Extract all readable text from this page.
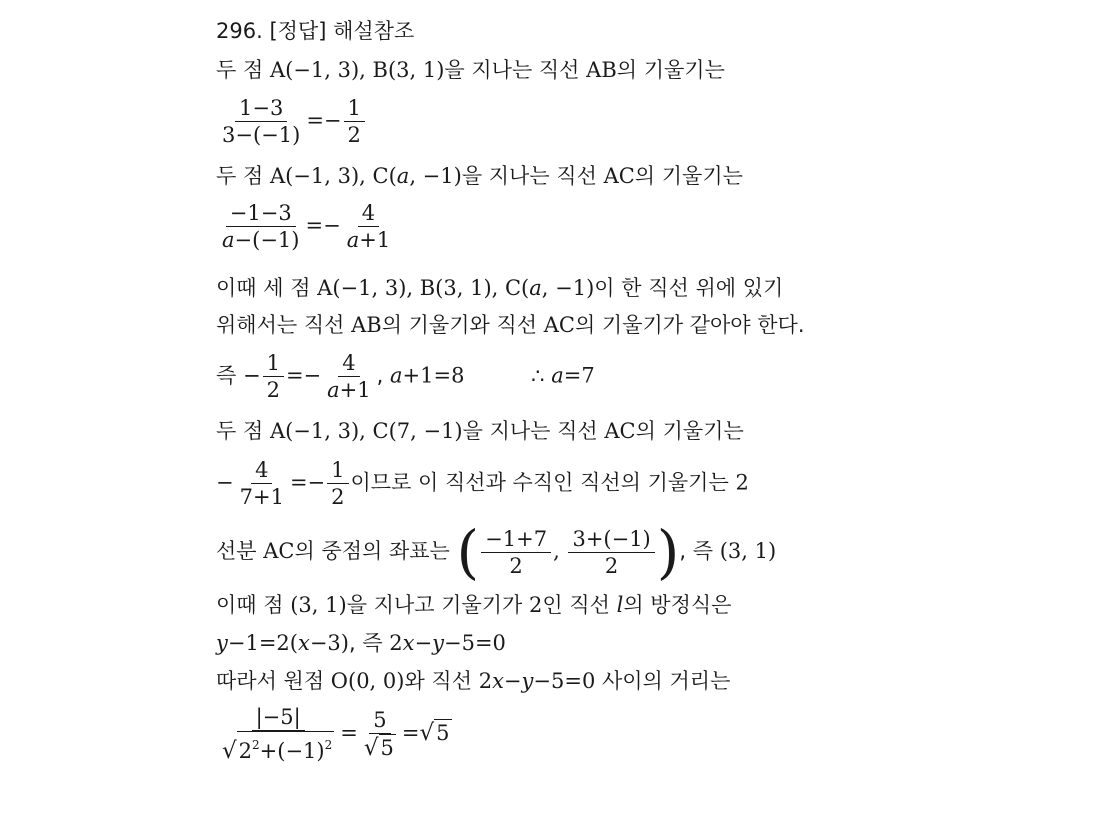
296. [정답] 해설참조
두 점 A(−1, 3), B(3, 1)을 지나는 직선 AB의 기울기는
$\frac{1-3}{3-(-1)} =- \frac{1}{2}$
두 점 A(−1, 3), C(a, −1)을 지나는 직선 AC의 기울기는
$\frac{-1-3}{a-(-1)} =- \frac{4}{a+1}$
이때 세 점 A(−1, 3), B(3, 1), C(a, −1)이 한 직선 위에 있기
위해서는 직선 AB의 기울기와 직선 AC의 기울기가 같아야 한다.
즉 − $\frac{1}{2} =- \frac{4}{a+1}$ , a+1=8	∴ a=7
두 점 A(−1, 3), C(7, −1)을 지나는 직선 AC의 기울기는
− $\frac{4}{7+1} =- \frac{1}{2}$ 이므로 이 직선과 수직인 직선의 기울기는 2
선분 AC의 중점의 좌표는 ( $\frac{-1+7}{2}$ , $\frac{3+(-1)}{2}$ ), 즉 (3, 1)
이때 점 (3, 1)을 지나고 기울기가 2인 직선 l의 방정식은
y−1=2(x−3), 즉 2x−y−5=0
따라서 원점 O(0, 0)와 직선 2x−y−5=0 사이의 거리는
$\frac{|-5|}{√ 2^2+(-1)^2} = \frac{5}{√ 5}$ = √ 5
